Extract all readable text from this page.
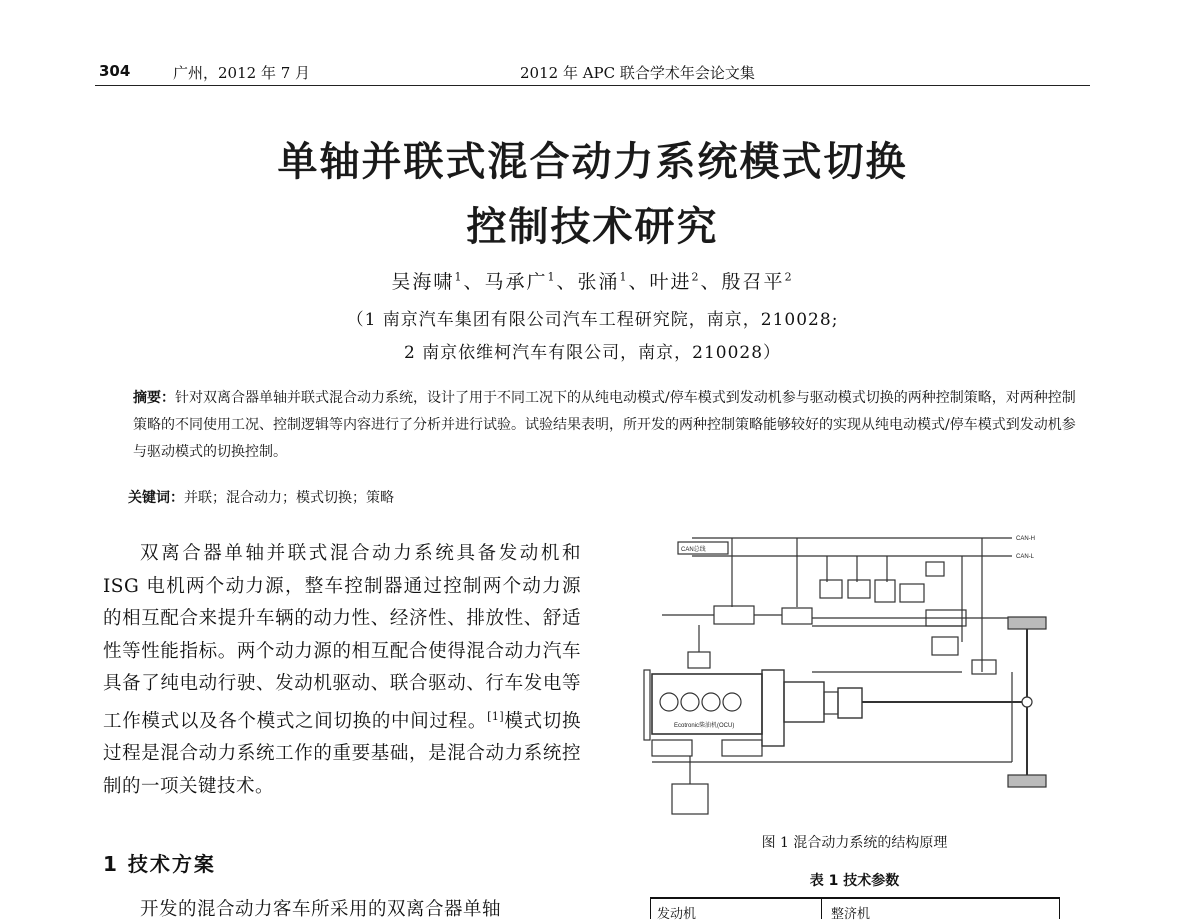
304	广州，2012 年 7 月	2012 年 APC 联合学术年会论文集
单轴并联式混合动力系统模式切换
控制技术研究
吴海啸$^1$、马承广$^1$、张涌$^1$、叶进$^2$、殷召平$^2$
（1 南京汽车集团有限公司汽车工程研究院，南京，210028;
2 南京依维柯汽车有限公司，南京，210028）
摘要：针对双离合器单轴并联式混合动力系统，设计了用于不同工况下的从纯电动模式/停车模式到发动机参与驱动模式切换的两种控制策略，对两种控制策略的不同使用工况、控制逻辑等内容进行了分析并进行试验。试验结果表明，所开发的两种控制策略能够较好的实现从纯电动模式/停车模式到发动机参与驱动模式的切换控制。
关键词：并联；混合动力；模式切换；策略
双离合器单轴并联式混合动力系统具备发动机和 ISG 电机两个动力源，整车控制器通过控制两个动力源的相互配合来提升车辆的动力性、经济性、排放性、舒适性等性能指标。两个动力源的相互配合使得混合动力汽车具备了纯电动行驶、发动机驱动、联合驱动、行车发电等工作模式以及各个模式之间切换的中间过程。[1]模式切换过程是混合动力系统工作的重要基础，是混合动力系统控制的一项关键技术。
1 技术方案
开发的混合动力客车所采用的双离合器单轴
CAN-H
CAN-L
CAN总线
Ecotronic柴油机(OCU)
图 1 混合动力系统的结构原理
表 1 技术参数
发动机	整济机
